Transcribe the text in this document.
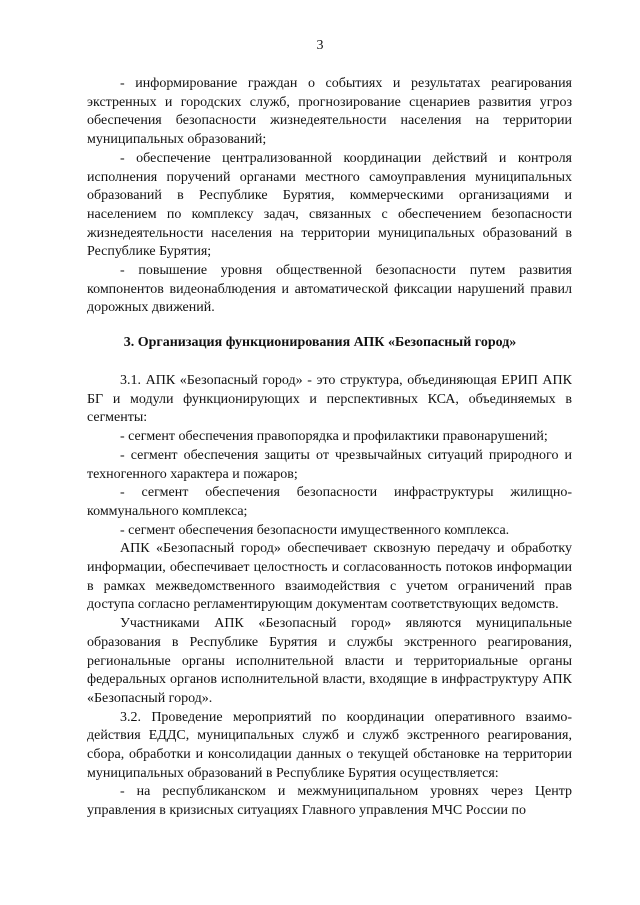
3

- информирование граждан о событиях и результатах реагирования экстренных и городских служб, прогнозирование сценариев развития угроз обеспечения безопасности жизнедеятельности населения на территории муниципальных образований;

- обеспечение централизованной координации действий и контроля исполнения поручений органами местного самоуправления муниципальных образований в Республике Бурятия, коммерческими организациями и населением по комплексу задач, связанных с обеспечением безопасности жизнедеятельности населения на территории муниципальных образований в Республике Бурятия;

- повышение уровня общественной безопасности путем развития компонентов видеонаблюдения и автоматической фиксации нарушений правил дорожных движений.

3. Организация функционирования АПК «Безопасный город»

3.1. АПК «Безопасный город» - это структура, объединяющая ЕРИП АПК БГ и модули функционирующих и перспективных КСА, объединяемых в сегменты:

- сегмент обеспечения правопорядка и профилактики правонарушений;

- сегмент обеспечения защиты от чрезвычайных ситуаций природного и техногенного характера и пожаров;

- сегмент обеспечения безопасности инфраструктуры жилищно-коммунального комплекса;

- сегмент обеспечения безопасности имущественного комплекса.

АПК «Безопасный город» обеспечивает сквозную передачу и обработку информации, обеспечивает целостность и согласованность потоков информации в рамках межведомственного взаимодействия с учетом ограничений прав доступа согласно регламентирующим документам соответствующих ведомств.

Участниками АПК «Безопасный город» являются муниципальные образования в Республике Бурятия и службы экстренного реагирования, региональные органы исполнительной власти и территориальные органы федеральных органов исполнительной власти, входящие в инфраструктуру АПК «Безопасный город».

3.2. Проведение мероприятий по координации оперативного взаимодействия ЕДДС, муниципальных служб и служб экстренного реагирования, сбора, обработки и консолидации данных о текущей обстановке на территории муниципальных образований в Республике Бурятия осуществляется:

- на республиканском и межмуниципальном уровнях через Центр управления в кризисных ситуациях Главного управления МЧС России по
